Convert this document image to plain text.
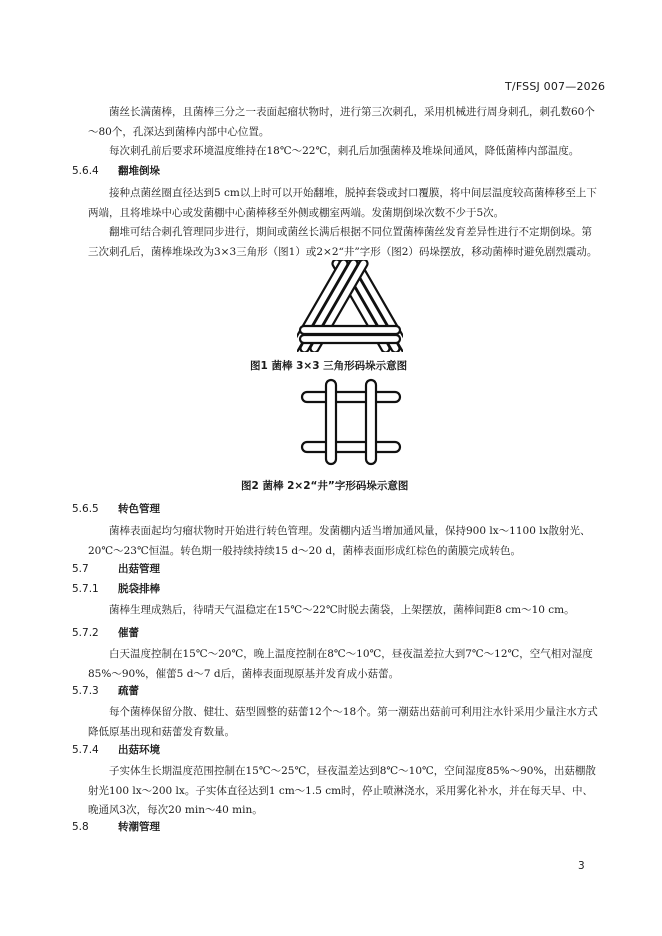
T/FSSJ 007—2026

菌丝长满菌棒，且菌棒三分之一表面起瘤状物时，进行第三次刺孔，采用机械进行周身刺孔，刺孔数60个～80个，孔深达到菌棒内部中心位置。

每次刺孔前后要求环境温度维持在18℃～22℃，刺孔后加强菌棒及堆垛间通风，降低菌棒内部温度。

5.6.4 翻堆倒垛

接种点菌丝圈直径达到5 cm以上时可以开始翻堆，脱掉套袋或封口覆膜，将中间层温度较高菌棒移至上下两端，且将堆垛中心或发菌棚中心菌棒移至外侧或棚室两端。发菌期倒垛次数不少于5次。

翻堆可结合刺孔管理同步进行，期间或菌丝长满后根据不同位置菌棒菌丝发育差异性进行不定期倒垛。第三次刺孔后，菌棒堆垛改为3×3三角形（图1）或2×2“井”字形（图2）码垛摆放，移动菌棒时避免剧烈震动。

图1 菌棒 3×3 三角形码垛示意图
图2 菌棒 2×2“井”字形码垛示意图
5.6.5 转色管理

菌棒表面起均匀瘤状物时开始进行转色管理。发菌棚内适当增加通风量，保持900 lx～1100 lx散射光、20℃～23℃恒温。转色期一般持续持续15 d～20 d，菌棒表面形成红棕色的菌膜完成转色。

5.7	出菇管理
5.7.1 脱袋排棒

菌棒生理成熟后，待晴天气温稳定在15℃～22℃时脱去菌袋，上架摆放，菌棒间距8 cm～10 cm。

5.7.2 催蕾

白天温度控制在15℃～20℃，晚上温度控制在8℃～10℃，昼夜温差拉大到7℃～12℃，空气相对湿度85%～90%，催蕾5 d～7 d后，菌棒表面现原基并发育成小菇蕾。

5.7.3 疏蕾

每个菌棒保留分散、健壮、菇型圆整的菇蕾12个～18个。第一潮菇出菇前可利用注水针采用少量注水方式降低原基出现和菇蕾发育数量。

5.7.4 出菇环境

子实体生长期温度范围控制在15℃～25℃，昼夜温差达到8℃～10℃，空间湿度85%～90%，出菇棚散射光100 lx～200 lx。子实体直径达到1 cm～1.5 cm时，停止喷淋浇水，采用雾化补水，并在每天早、中、晚通风3次，每次20 min～40 min。

5.8	转潮管理
3
